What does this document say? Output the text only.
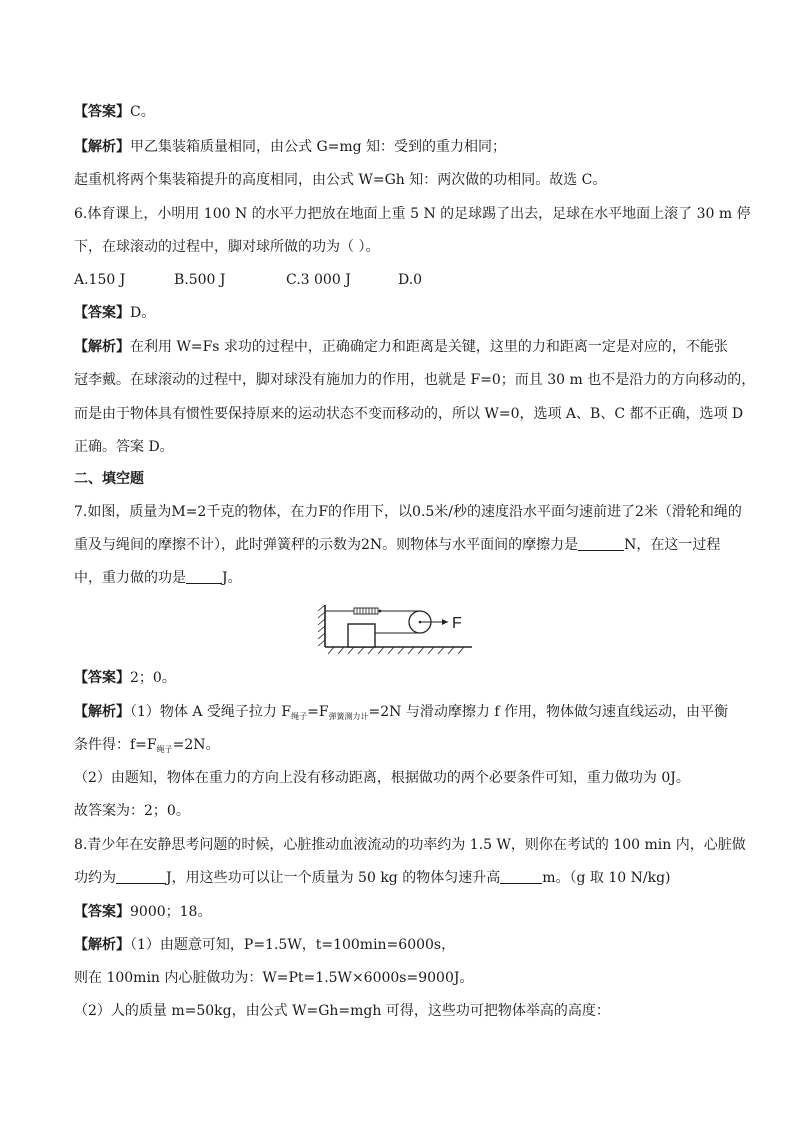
【答案】C。
【解析】甲乙集装箱质量相同，由公式 G=mg 知：受到的重力相同；
起重机将两个集装箱提升的高度相同，由公式 W=Gh 知：两次做的功相同。故选 C。
6.体育课上，小明用 100 N 的水平力把放在地面上重 5 N 的足球踢了出去，足球在水平地面上滚了 30 m 停
下，在球滚动的过程中，脚对球所做的功为（ ）。
A.150 J	B.500 J	C.3 000 J	D.0
【答案】D。
【解析】在利用 W=Fs 求功的过程中，正确确定力和距离是关键，这里的力和距离一定是对应的，不能张
冠李戴。在球滚动的过程中，脚对球没有施加力的作用，也就是 F=0；而且 30 m 也不是沿力的方向移动的，
而是由于物体具有惯性要保持原来的运动状态不变而移动的，所以 W=0，选项 A、B、C 都不正确，选项 D
正确。答案 D。
二、填空题
7.如图，质量为M=2千克的物体，在力F的作用下，以0.5米/秒的速度沿水平面匀速前进了2米（滑轮和绳的
重及与绳间的摩擦不计），此时弹簧秤的示数为2N。则物体与水平面间的摩擦力是	N，在这一过程
中，重力做的功是	J。
F
【答案】2；0。
【解析】（1）物体 A 受绳子拉力 $F_{绳子}=F_{弹簧测力计}=2N$ 与滑动摩擦力 f 作用，物体做匀速直线运动，由平衡
条件得：$f=F_{绳子}=2N$。
（2）由题知，物体在重力的方向上没有移动距离，根据做功的两个必要条件可知，重力做功为 0J。
故答案为：2；0。
8.青少年在安静思考问题的时候，心脏推动血液流动的功率约为 1.5 W，则你在考试的 100 min 内，心脏做
功约为	J，用这些功可以让一个质量为 50 kg 的物体匀速升高	m。（g 取 10 N/kg)
【答案】9000；18。
【解析】（1）由题意可知，P=1.5W，t=100min=6000s，
则在 100min 内心脏做功为：W=Pt=1.5W×6000s=9000J。
（2）人的质量 m=50kg，由公式 W=Gh=mgh 可得，这些功可把物体举高的高度：
